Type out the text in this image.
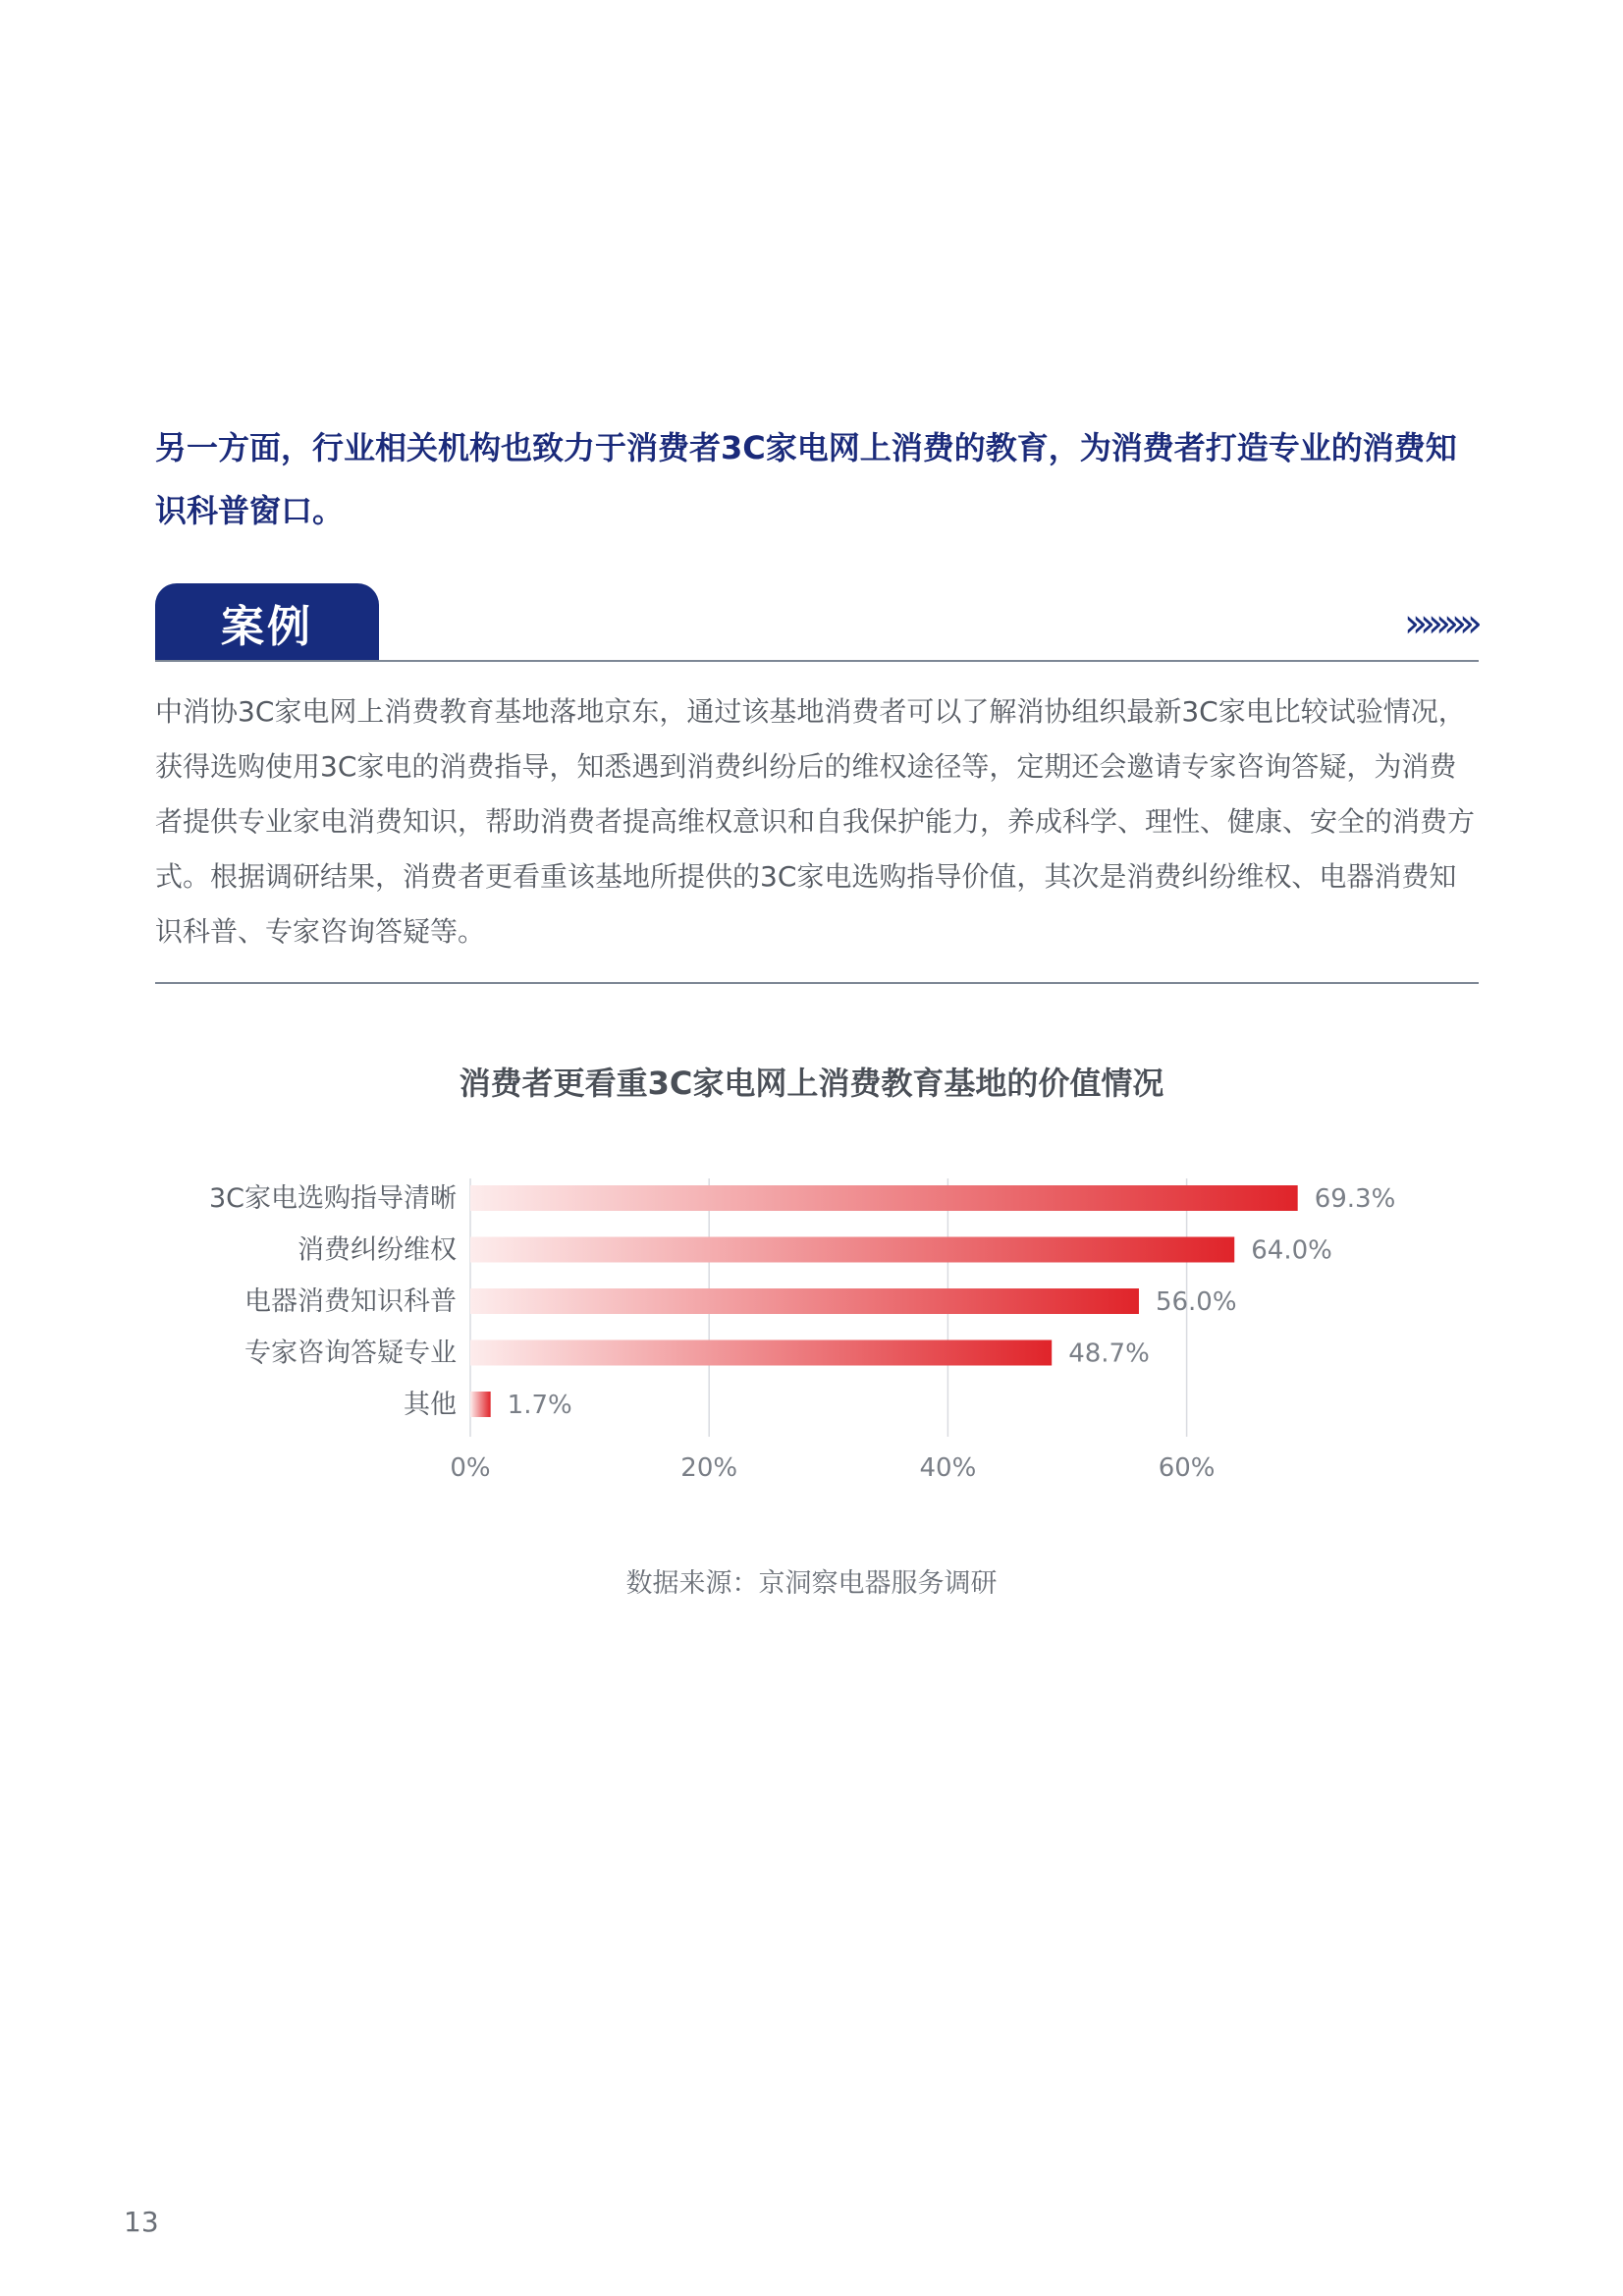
另一方面，行业相关机构也致力于消费者3C家电网上消费的教育，为消费者打造专业的消费知识科普窗口。

案例	›››››››››

中消协3C家电网上消费教育基地落地京东，通过该基地消费者可以了解消协组织最新3C家电比较试验情况，获得选购使用3C家电的消费指导，知悉遇到消费纠纷后的维权途径等，定期还会邀请专家咨询答疑，为消费者提供专业家电消费知识，帮助消费者提高维权意识和自我保护能力，养成科学、理性、健康、安全的消费方式。根据调研结果，消费者更看重该基地所提供的3C家电选购指导价值，其次是消费纠纷维权、电器消费知识科普、专家咨询答疑等。

消费者更看重3C家电网上消费教育基地的价值情况
0%	20%	40%	60%
3C家电选购指导清晰	69.3%
消费纠纷维权	64.0%
电器消费知识科普	56.0%
专家咨询答疑专业	48.7%
其他 1.7%
数据来源：京洞察电器服务调研
13
